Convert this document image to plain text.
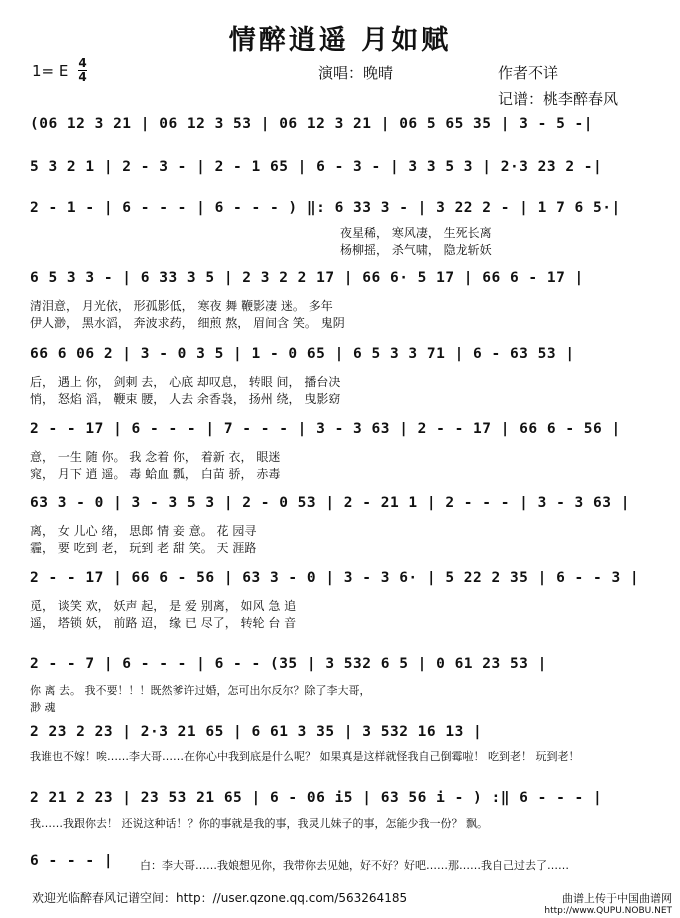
情醉逍遥 月如赋
1= E 4
4	演唱：晚晴	作者不详
记谱：桃李醉春风
(06 12 3 21 | 06 12 3 53 | 06 12 3 21 | 06 5 65 35 | 3 - 5 -|
5 3 2 1 | 2 - 3 - | 2 - 1 65 | 6 - 3 - | 3 3 5 3 | 2·3 23 2 -|
2 - 1 - | 6 - - - | 6 - - - ) ‖: 6 33 3 - | 3 22 2 - | 1 7 6 5·|
夜星稀， 寒风凄， 生死长离
杨柳摇， 杀气啸， 隐龙斩妖
6 5 3 3 - | 6 33 3 5 | 2 3 2 2 17 | 66 6· 5 17 | 66 6 - 17 |
清泪意， 月光依， 形孤影低， 寒夜 舞 鞭影凄 迷。 多年
伊人渺， 黑水滔， 奔波求药， 细煎 熬， 眉间含 笑。 鬼阴
66 6 06 2 | 3 - 0 3 5 | 1 - 0 65 | 6 5 3 3 71 | 6 - 63 53 |
后， 遇上 你， 剑刺 去， 心底 却叹息， 转眼 间， 播台决
悄， 怒焰 滔， 鞭束 腰， 人去 余香袅， 扬州 绕， 曳影窈
2 - - 17 | 6 - - - | 7 - - - | 3 - 3 63 | 2 - - 17 | 66 6 - 56 |
意， 一生 随 你。 我 念着 你， 着新 衣， 眼迷
窕， 月下 逍 遥。 毒 蛤血 瓢， 白苗 骄， 赤毒
63 3 - 0 | 3 - 3 5 3 | 2 - 0 53 | 2 - 21 1 | 2 - - - | 3 - 3 63 |
离， 女 儿心 绪， 思郎 情 妾 意。 花 园寻
霾， 要 吃到 老， 玩到 老 甜 笑。 天 涯路
2 - - 17 | 66 6 - 56 | 63 3 - 0 | 3 - 3 6· | 5 22 2 35 | 6 - - 3 |
觅， 谈笑 欢， 妖声 起， 是 爱 别离， 如风 急 追
遥， 塔锁 妖， 前路 迢， 缘 已 尽了， 转轮 台 音
2 - - 7 | 6 - - - | 6 - - (35 | 3 532 6 5 | 0 61 23 53 |
你 离 去。 我不要！！！既然爹许过婚，怎可出尔反尔？除了李大哥，
渺 魂
2 23 2 23 | 2·3 21 65 | 6 61 3 35 | 3 532 16 13 |
我谁也不嫁！唉……李大哥……在你心中我到底是什么呢？ 如果真是这样就怪我自己倒霉啦！ 吃到老！ 玩到老！
2 21 2 23 | 23 53 21 65 | 6 - 06 i5 | 63 56 i - ) :‖ 6 - - - |
我……我跟你去！ 还说这种话！？你的事就是我的事，我灵儿妹子的事，怎能少我一份？ 飘。
6 - - - | 白：李大哥……我娘想见你，我带你去见她，好不好？好吧……那……我自己过去了……
欢迎光临醉春风记谱空间：http：//user.qzone.qq.com/563264185	曲谱上传于中国曲谱网
http://www.QUPU.NOBU.NET
